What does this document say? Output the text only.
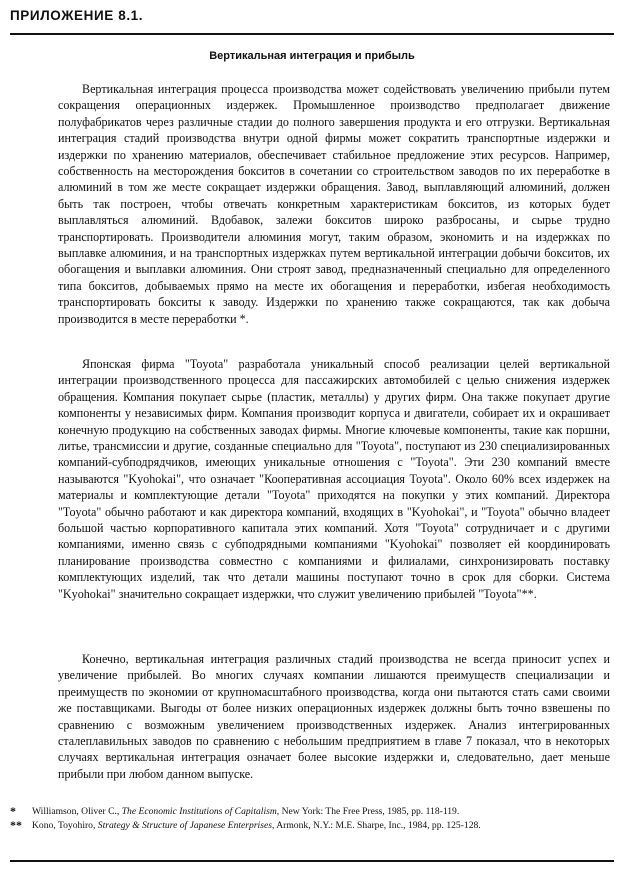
ПРИЛОЖЕНИЕ 8.1.
Вертикальная интеграция и прибыль

Вертикальная интеграция процесса производства может содействовать увеличению прибыли путем сокращения операционных издержек. Промышленное производство предполагает движение полуфабрикатов через различные стадии до полного завершения продукта и его отгрузки. Вертикальная интеграция стадий производства внутри одной фирмы может сократить транспортные издержки и издержки по хранению материалов, обеспечивает стабильное предложение этих ресурсов. Например, собственность на месторождения бокситов в сочетании со строительством заводов по их переработке в алюминий в том же месте сокращает издержки обращения. Завод, выплавляющий алюминий, должен быть так построен, чтобы отвечать конкретным характеристикам бокситов, из которых будет выплавляться алюминий. Вдобавок, залежи бокситов широко разбросаны, и сырье трудно транспортировать. Производители алюминия могут, таким образом, экономить и на издержках по выплавке алюминия, и на транспортных издержках путем вертикальной интеграции добычи бокситов, их обогащения и выплавки алюминия. Они строят завод, предназначенный специально для определенного типа бокситов, добываемых прямо на месте их обогащения и переработки, избегая необходимость транспортировать бокситы к заводу. Издержки по хранению также сокращаются, так как добыча производится в месте переработки *.

Японская фирма "Toyota" разработала уникальный способ реализации целей вертикальной интеграции производственного процесса для пассажирских автомобилей с целью снижения издержек обращения. Компания покупает сырье (пластик, металлы) у других фирм. Она также покупает другие компоненты у независимых фирм. Компания производит корпуса и двигатели, собирает их и окрашивает конечную продукцию на собственных заводах фирмы. Многие ключевые компоненты, такие как поршни, литье, трансмиссии и другие, созданные специально для "Toyota", поступают из 230 специализированных компаний-субподрядчиков, имеющих уникальные отношения с "Toyota". Эти 230 компаний вместе называются "Kyohokai", что означает "Кооперативная ассоциация Toyota". Около 60% всех издержек на материалы и комплектующие детали "Toyota" приходятся на покупки у этих компаний. Директора "Toyota" обычно работают и как директора компаний, входящих в "Kyohokai", и "Toyota" обычно владеет большой частью корпоративного капитала этих компаний. Хотя "Toyota" сотрудничает и с другими компаниями, именно связь с субподрядными компаниями "Kyohokai" позволяет ей координировать планирование производства совместно с компаниями и филиалами, синхронизировать поставку комплектующих изделий, так что детали машины поступают точно в срок для сборки. Система "Kyohokai" значительно сокращает издержки, что служит увеличению прибылей "Toyota"**.

Конечно, вертикальная интеграция различных стадий производства не всегда приносит успех и увеличение прибылей. Во многих случаях компании лишаются преимуществ специализации и преимуществ по экономии от крупномасштабного производства, когда они пытаются стать сами своими же поставщиками. Выгоды от более низких операционных издержек должны быть точно взвешены по сравнению с возможным увеличением производственных издержек. Анализ интегрированных сталеплавильных заводов по сравнению с небольшим предприятием в главе 7 показал, что в некоторых случаях вертикальная интеграция означает более высокие издержки и, следовательно, дает меньше прибыли при любом данном выпуске.

* Williamson, Oliver C., The Economic Institutions of Capitalism, New York: The Free Press, 1985, pp. 118-119.
** Kono, Toyohiro, Strategy & Structure of Japanese Enterprises, Armonk, N.Y.: M.E. Sharpe, Inc., 1984, pp. 125-128.
